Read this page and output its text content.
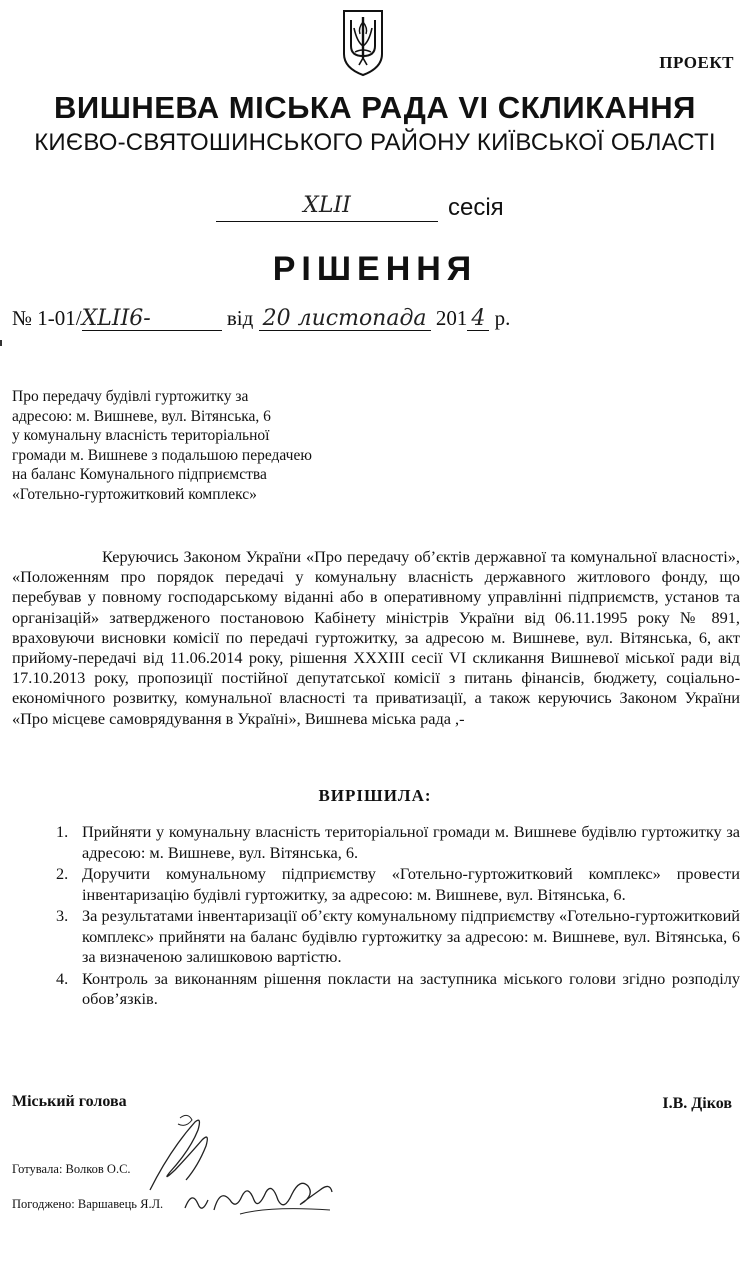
ПРОЕКТ
ВИШНЕВА МІСЬКА РАДА VI СКЛИКАННЯ
КИЄВО-СВЯТОШИНСЬКОГО РАЙОНУ КИЇВСЬКОЇ ОБЛАСТІ
XLII	сесія
РІШЕННЯ
№ 1-01/XLII6-	від 20 листопада 201 4 р.
Про передачу будівлі гуртожитку за
адресою: м. Вишневе, вул. Вітянська, 6
у комунальну власність територіальної
громади м. Вишневе з подальшою передачею
на баланс Комунального підприємства
«Готельно-гуртожитковий комплекс»
Керуючись Законом України «Про передачу об’єктів державної та комунальної власності», «Положенням про порядок передачі у комунальну власність державного житлового фонду, що перебував у повному господарському віданні або в оперативному управлінні підприємств, установ та організацій» затвердженого постановою Кабінету міністрів України від 06.11.1995 року № 891, враховуючи висновки комісії по передачі гуртожитку, за адресою м. Вишневе, вул. Вітянська, 6, акт прийому-передачі від 11.06.2014 року, рішення XXXIII сесії VI скликання Вишневої міської ради від 17.10.2013 року, пропозиції постійної депутатської комісії з питань фінансів, бюджету, соціально-економічного розвитку, комунальної власності та приватизації, а також керуючись Законом України «Про місцеве самоврядування в Україні», Вишнева міська рада ,-
ВИРІШИЛА:
1. Прийняти у комунальну власність територіальної громади м. Вишневе будівлю гуртожитку за адресою: м. Вишневе, вул. Вітянська, 6.
2. Доручити комунальному підприємству «Готельно-гуртожитковий комплекс» провести інвентаризацію будівлі гуртожитку, за адресою: м. Вишневе, вул. Вітянська, 6.
3. За результатами інвентаризації об’єкту комунальному підприємству «Готельно-гуртожитковий комплекс» прийняти на баланс будівлю гуртожитку за адресою: м. Вишневе, вул. Вітянська, 6 за визначеною залишковою вартістю.
4. Контроль за виконанням рішення покласти на заступника міського голови згідно розподілу обов’язків.
Міський голова	І.В. Діков
Готувала: Волков О.С.
Погоджено: Варшавець Я.Л.
